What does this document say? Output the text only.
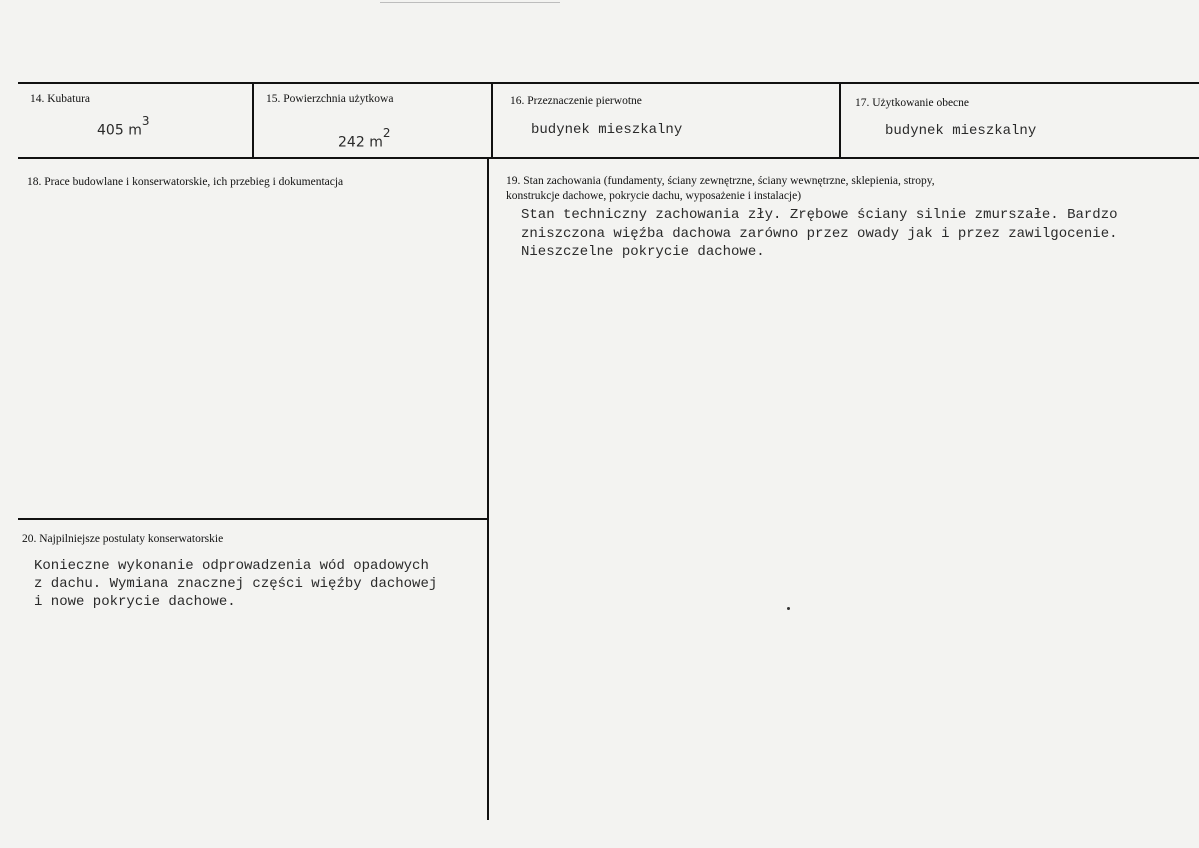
14. Kubatura
405 $m^3$
15. Powierzchnia użytkowa
242 $m^2$
16. Przeznaczenie pierwotne
budynek mieszkalny
17. Użytkowanie obecne
budynek mieszkalny
18. Prace budowlane i konserwatorskie, ich przebieg i dokumentacja	19. Stan zachowania (fundamenty, ściany zewnętrzne, ściany wewnętrzne, sklepienia, stropy,
konstrukcje dachowe, pokrycie dachu, wyposażenie i instalacje)
Stan techniczny zachowania zły. Zrębowe ściany silnie zmurszałe. Bardzo
zniszczona więźba dachowa zarówno przez owady jak i przez zawilgocenie.
Nieszczelne pokrycie dachowe.
20. Najpilniejsze postulaty konserwatorskie
Konieczne wykonanie odprowadzenia wód opadowych
z dachu. Wymiana znacznej części więźby dachowej
i nowe pokrycie dachowe.
